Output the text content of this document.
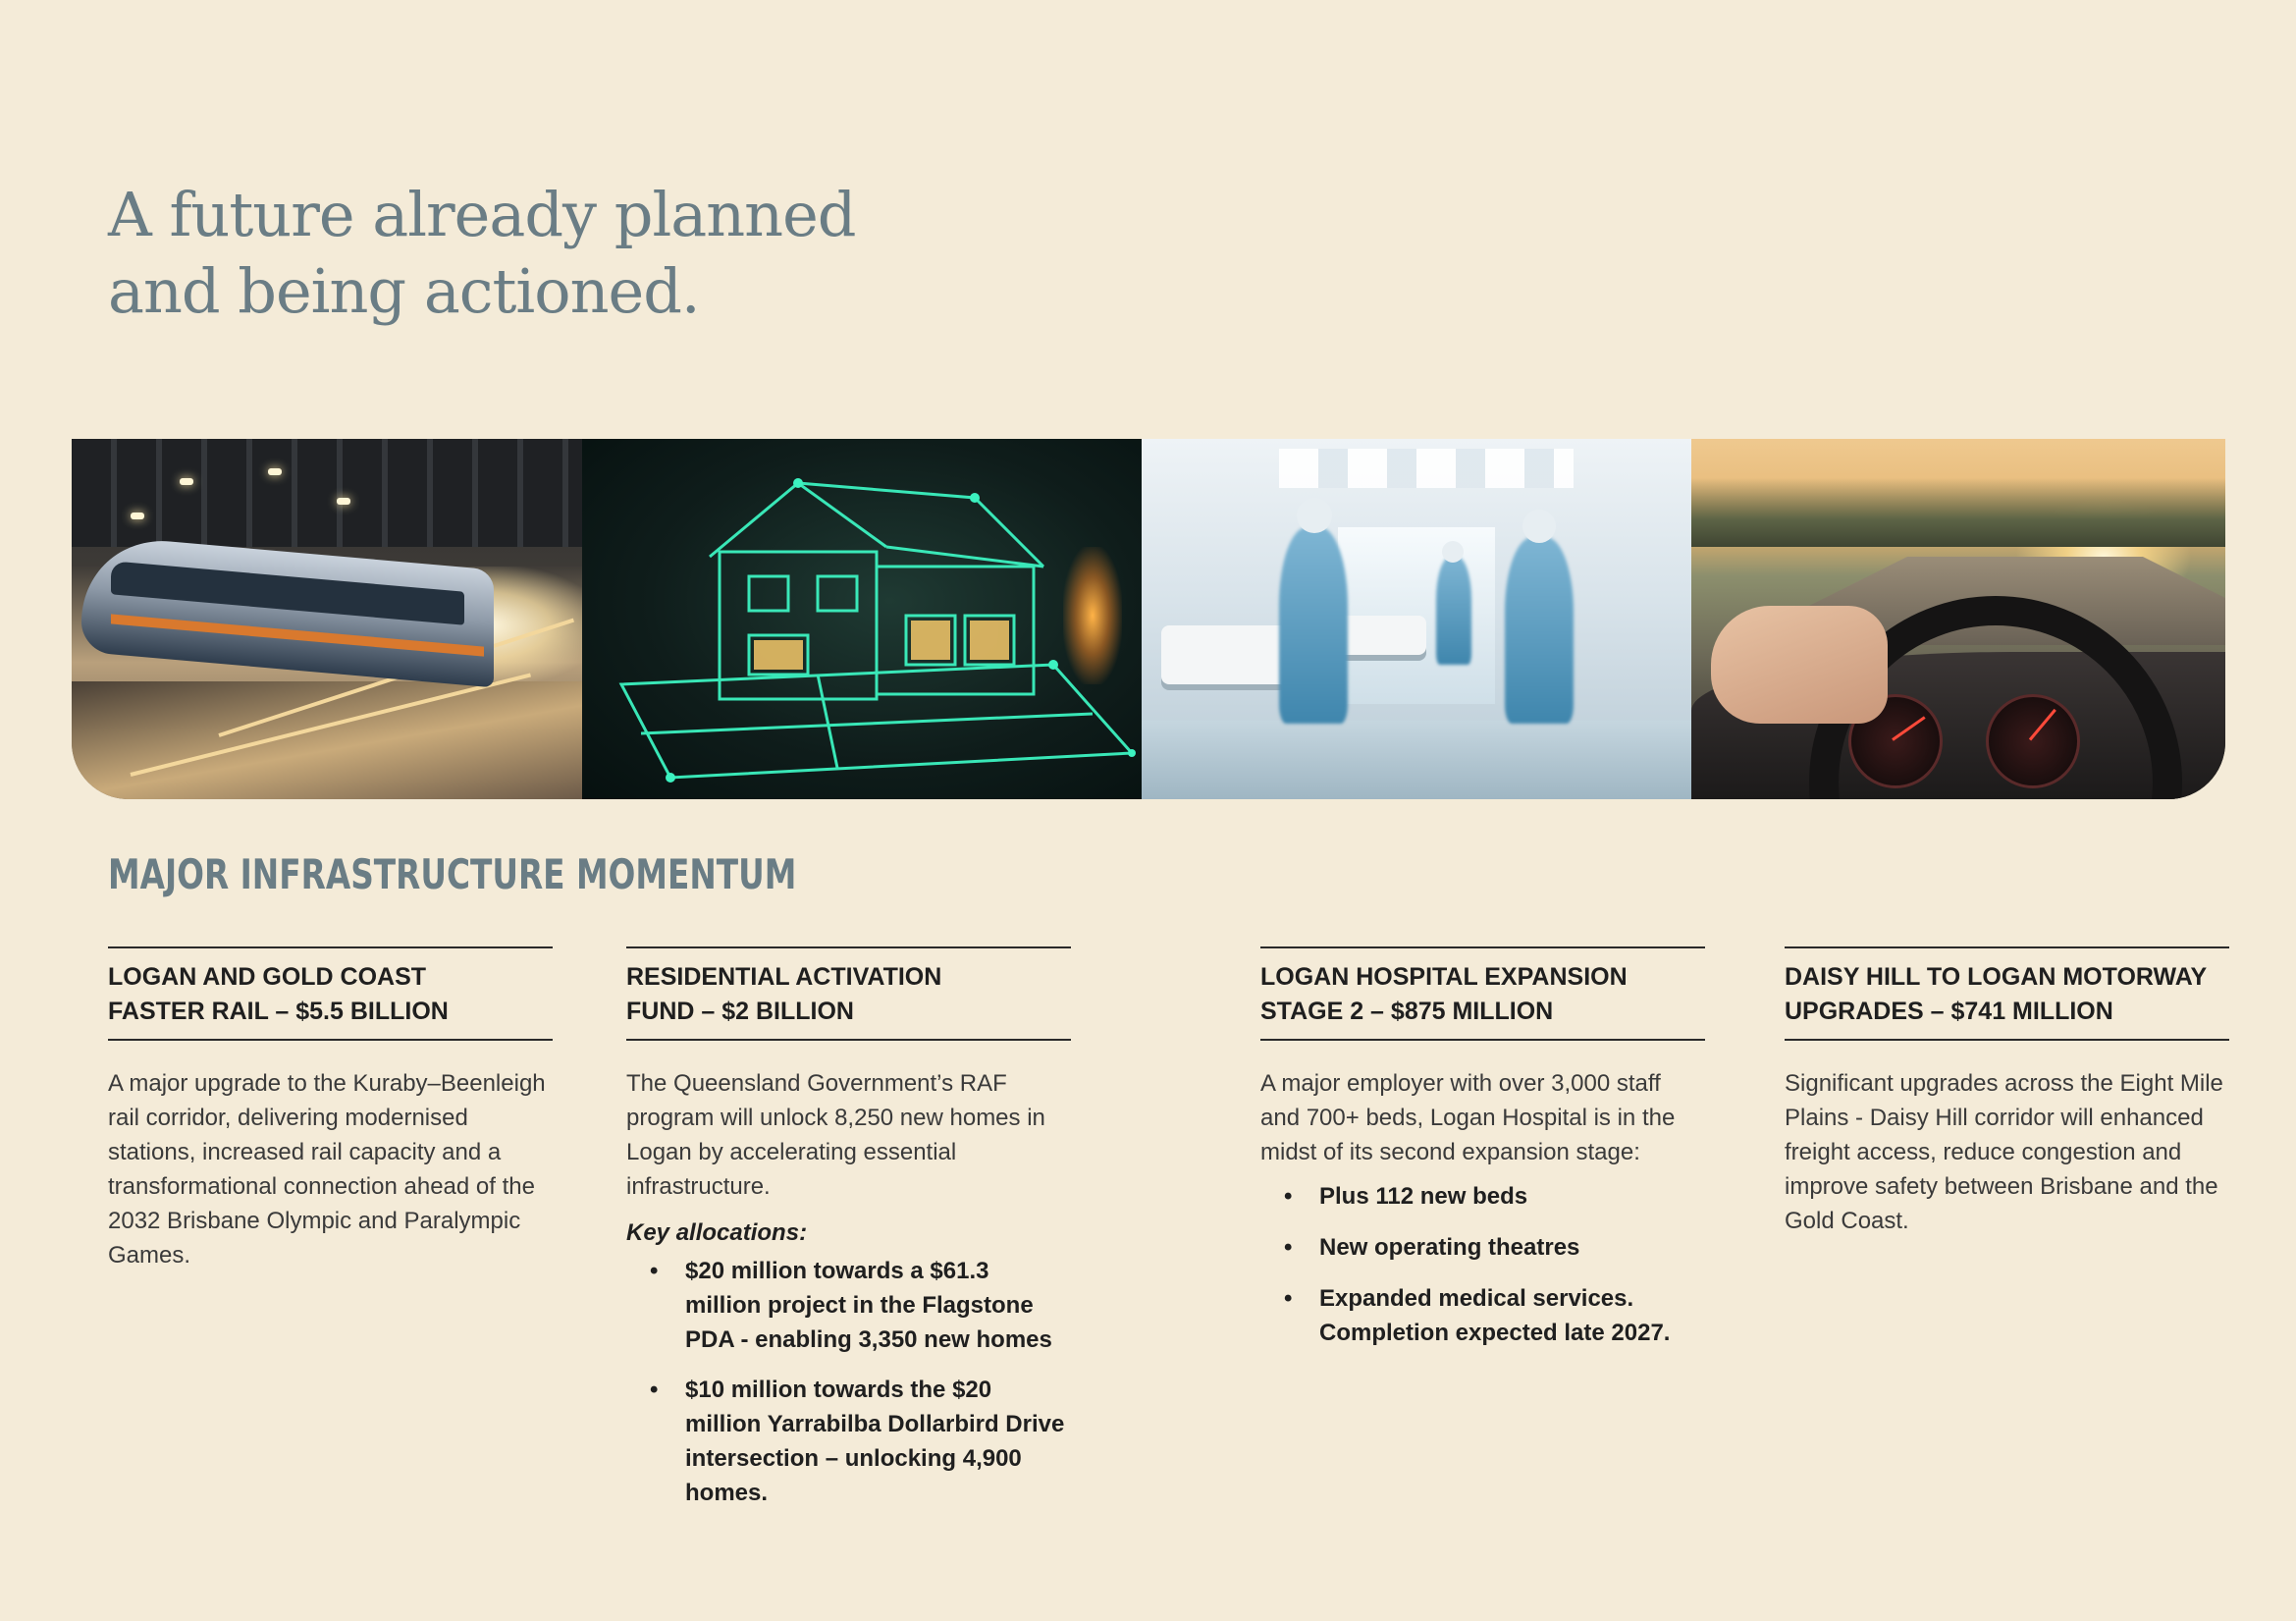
A future already planned
and being actioned.
MAJOR INFRASTRUCTURE MOMENTUM
LOGAN AND GOLD COAST
FASTER RAIL – $5.5 BILLION

A major upgrade to the Kuraby–Beenleigh rail corridor, delivering modernised stations, increased rail capacity and a transformational connection ahead of the 2032 Brisbane Olympic and Paralympic Games.

RESIDENTIAL ACTIVATION
FUND – $2 BILLION

The Queensland Government’s RAF program will unlock 8,250 new homes in Logan by accelerating essential infrastructure.

Key allocations:

• $20 million towards a $61.3 million project in the Flagstone PDA - enabling 3,350 new homes
• $10 million towards the $20 million Yarrabilba Dollarbird Drive intersection – unlocking 4,900 homes.
LOGAN HOSPITAL EXPANSION
STAGE 2 – $875 MILLION

A major employer with over 3,000 staff and 700+ beds, Logan Hospital is in the midst of its second expansion stage:

• Plus 112 new beds
• New operating theatres
• Expanded medical services. Completion expected late 2027.
DAISY HILL TO LOGAN MOTORWAY
UPGRADES – $741 MILLION

Significant upgrades across the Eight Mile Plains - Daisy Hill corridor will enhanced freight access, reduce congestion and improve safety between Brisbane and the Gold Coast.
